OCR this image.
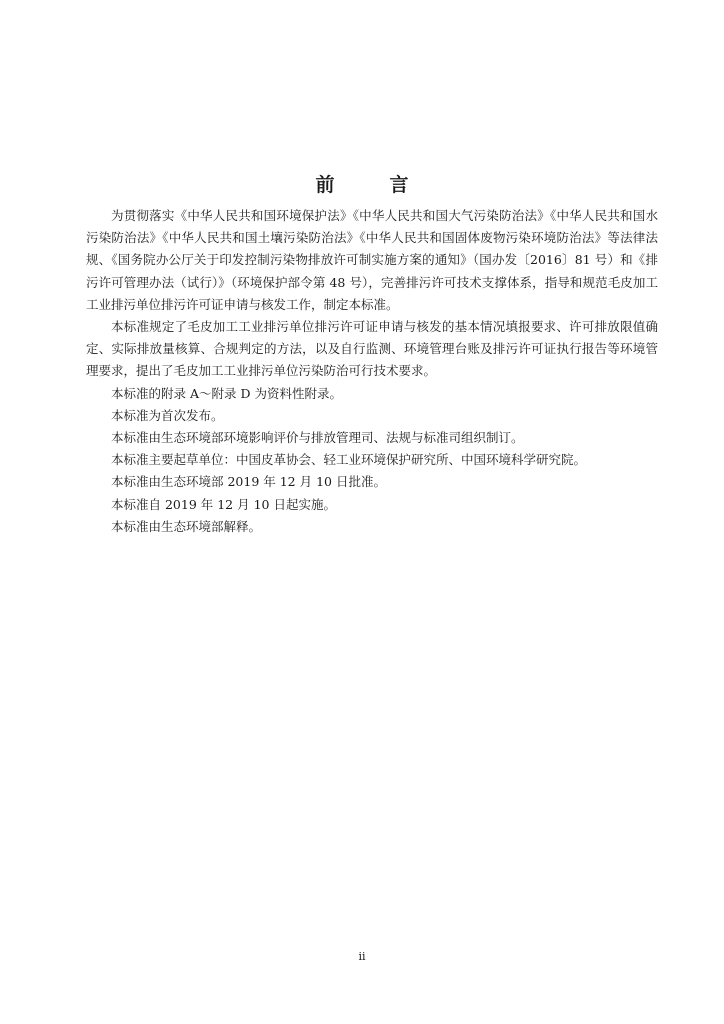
前　言

为贯彻落实《中华人民共和国环境保护法》《中华人民共和国大气污染防治法》《中华人民共和国水污染防治法》《中华人民共和国土壤污染防治法》《中华人民共和国固体废物污染环境防治法》等法律法规、《国务院办公厅关于印发控制污染物排放许可制实施方案的通知》（国办发〔2016〕81 号）和《排污许可管理办法（试行）》（环境保护部令第 48 号），完善排污许可技术支撑体系，指导和规范毛皮加工工业排污单位排污许可证申请与核发工作，制定本标准。

本标准规定了毛皮加工工业排污单位排污许可证申请与核发的基本情况填报要求、许可排放限值确定、实际排放量核算、合规判定的方法，以及自行监测、环境管理台账及排污许可证执行报告等环境管理要求，提出了毛皮加工工业排污单位污染防治可行技术要求。

本标准的附录 A～附录 D 为资料性附录。

本标准为首次发布。

本标准由生态环境部环境影响评价与排放管理司、法规与标准司组织制订。

本标准主要起草单位：中国皮革协会、轻工业环境保护研究所、中国环境科学研究院。

本标准由生态环境部 2019 年 12 月 10 日批准。

本标准自 2019 年 12 月 10 日起实施。

本标准由生态环境部解释。

ii
